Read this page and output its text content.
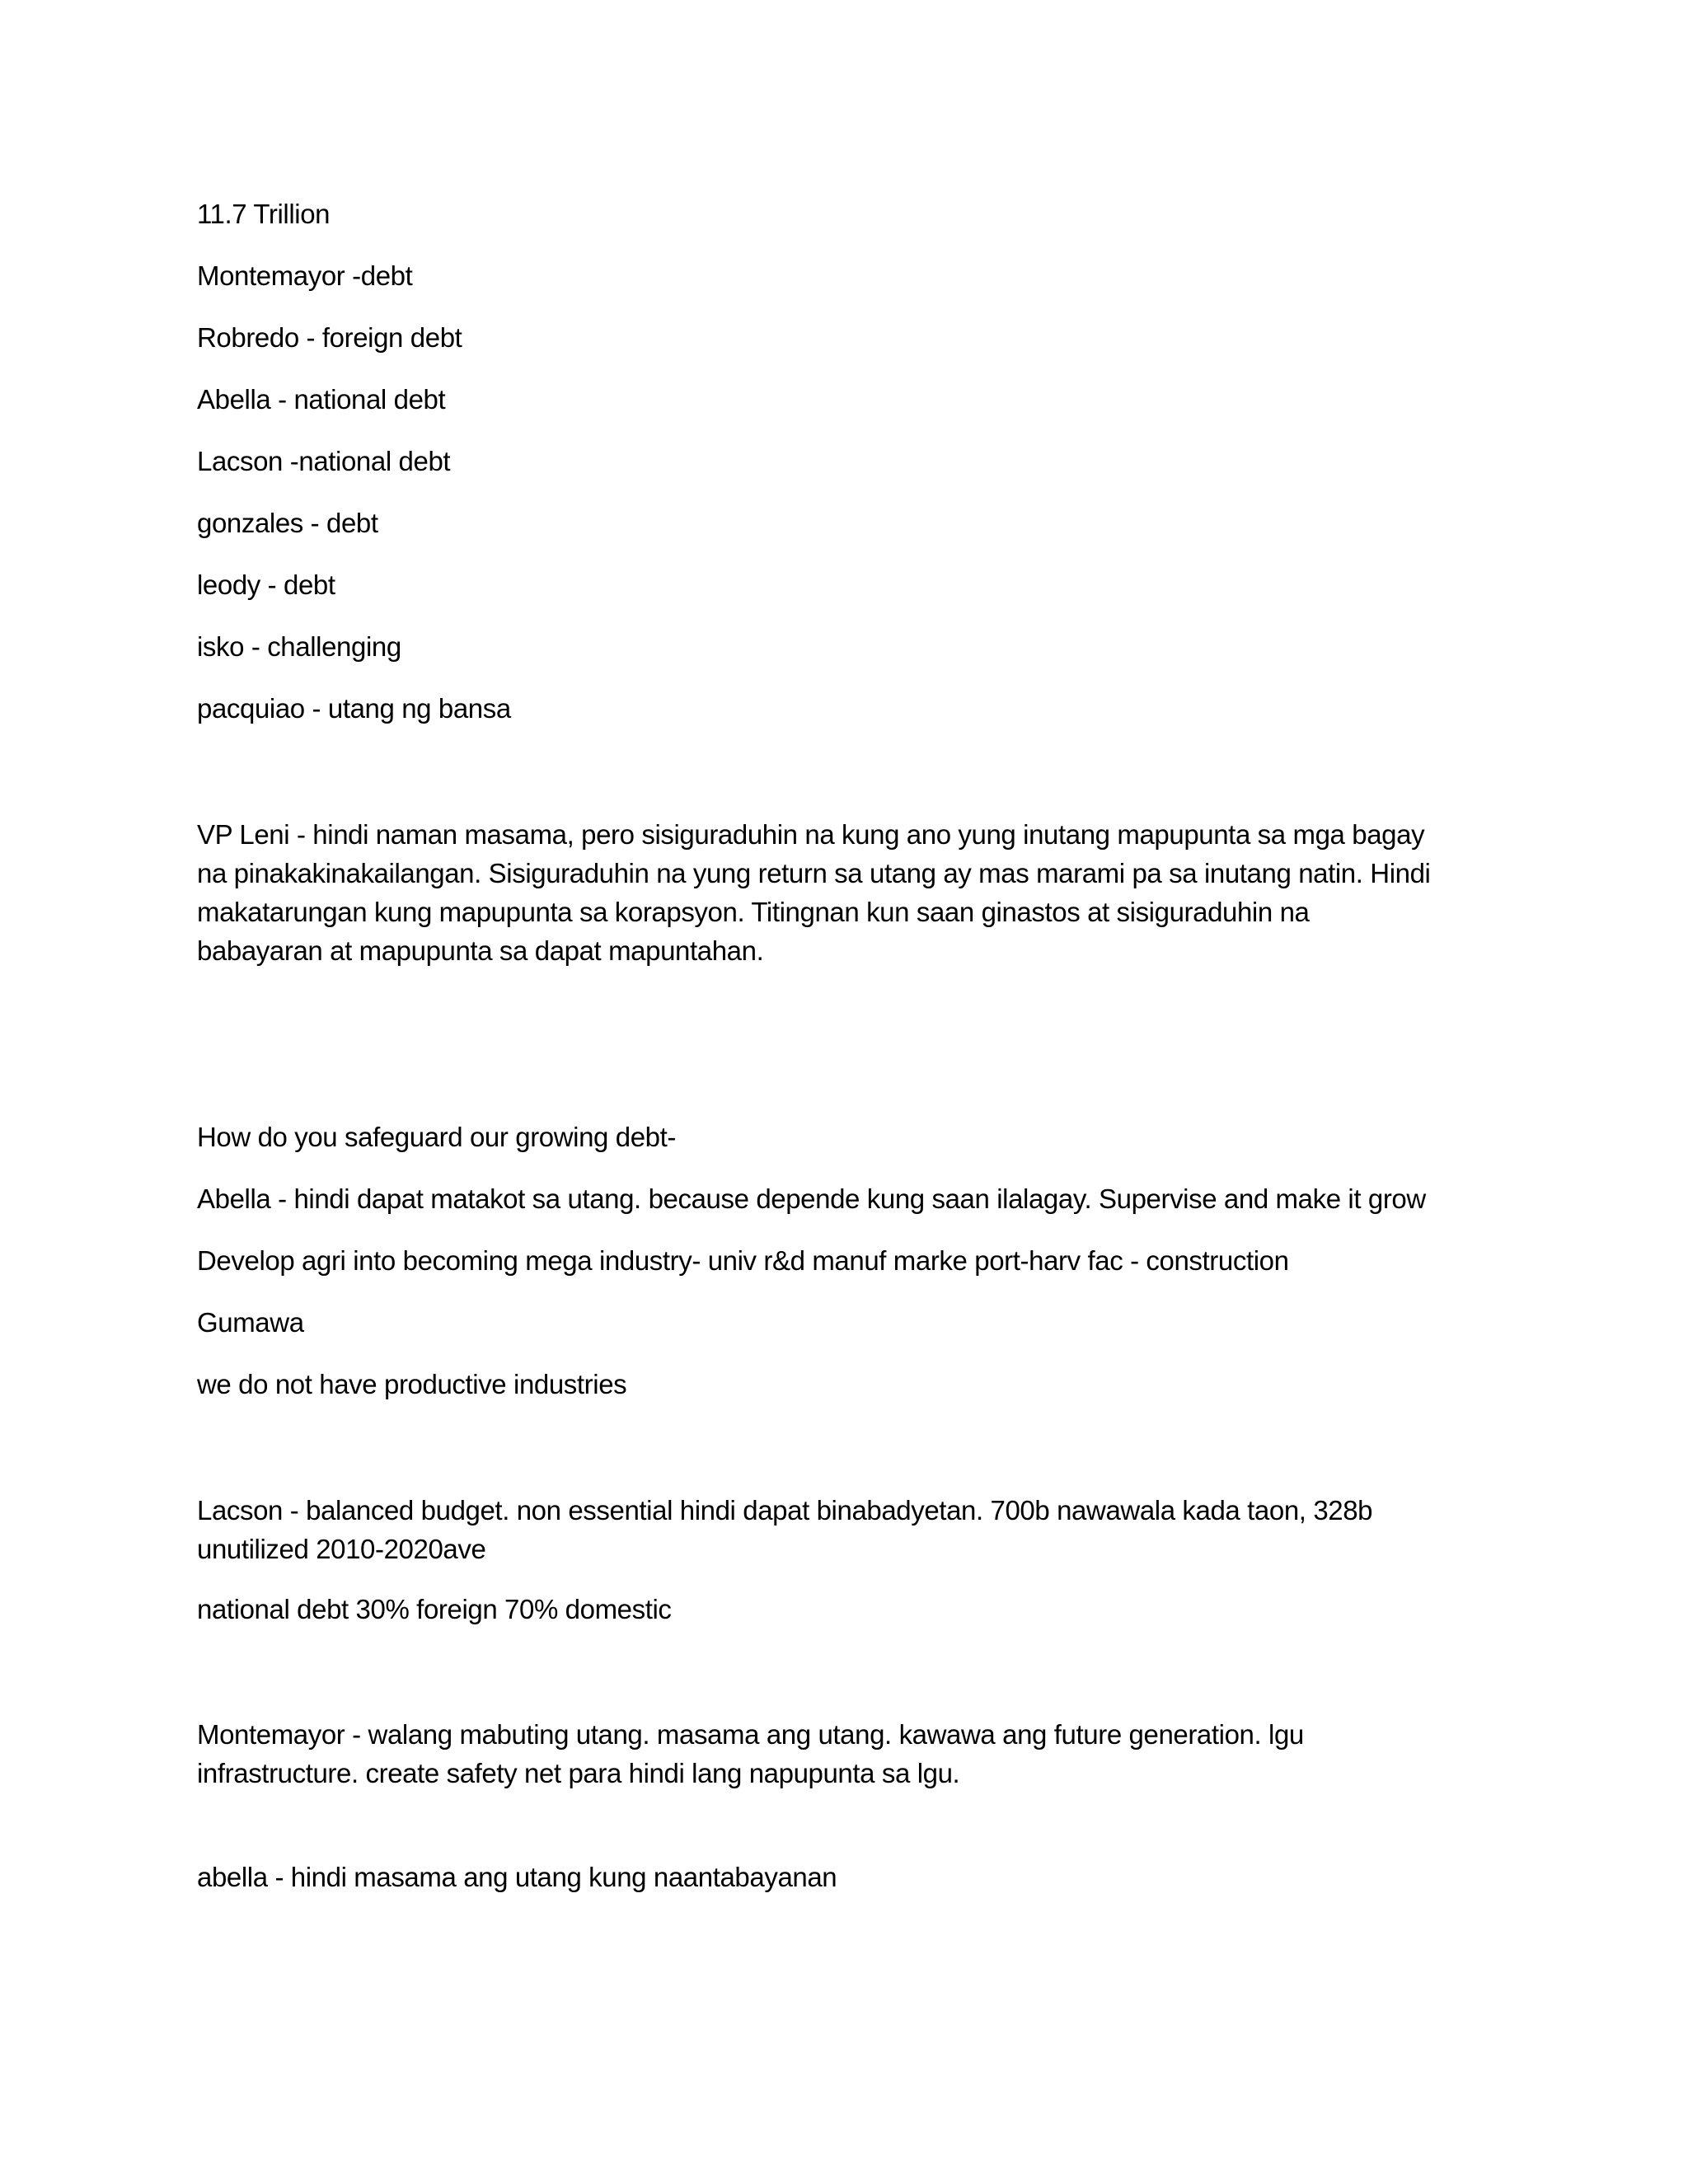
11.7 Trillion
Montemayor -debt
Robredo - foreign debt
Abella - national debt
Lacson -national debt
gonzales - debt
leody - debt
isko - challenging
pacquiao - utang ng bansa
VP Leni - hindi naman masama, pero sisiguraduhin na kung ano yung inutang mapupunta sa mga bagay
na pinakakinakailangan. Sisiguraduhin na yung return sa utang ay mas marami pa sa inutang natin. Hindi
makatarungan kung mapupunta sa korapsyon. Titingnan kun saan ginastos at sisiguraduhin na
babayaran at mapupunta sa dapat mapuntahan.
How do you safeguard our growing debt-
Abella - hindi dapat matakot sa utang. because depende kung saan ilalagay. Supervise and make it grow
Develop agri into becoming mega industry- univ r&d manuf marke port-harv fac - construction
Gumawa
we do not have productive industries
Lacson - balanced budget. non essential hindi dapat binabadyetan. 700b nawawala kada taon, 328b
unutilized 2010-2020ave
national debt 30% foreign 70% domestic
Montemayor - walang mabuting utang. masama ang utang. kawawa ang future generation. lgu
infrastructure. create safety net para hindi lang napupunta sa lgu.
abella - hindi masama ang utang kung naantabayanan
